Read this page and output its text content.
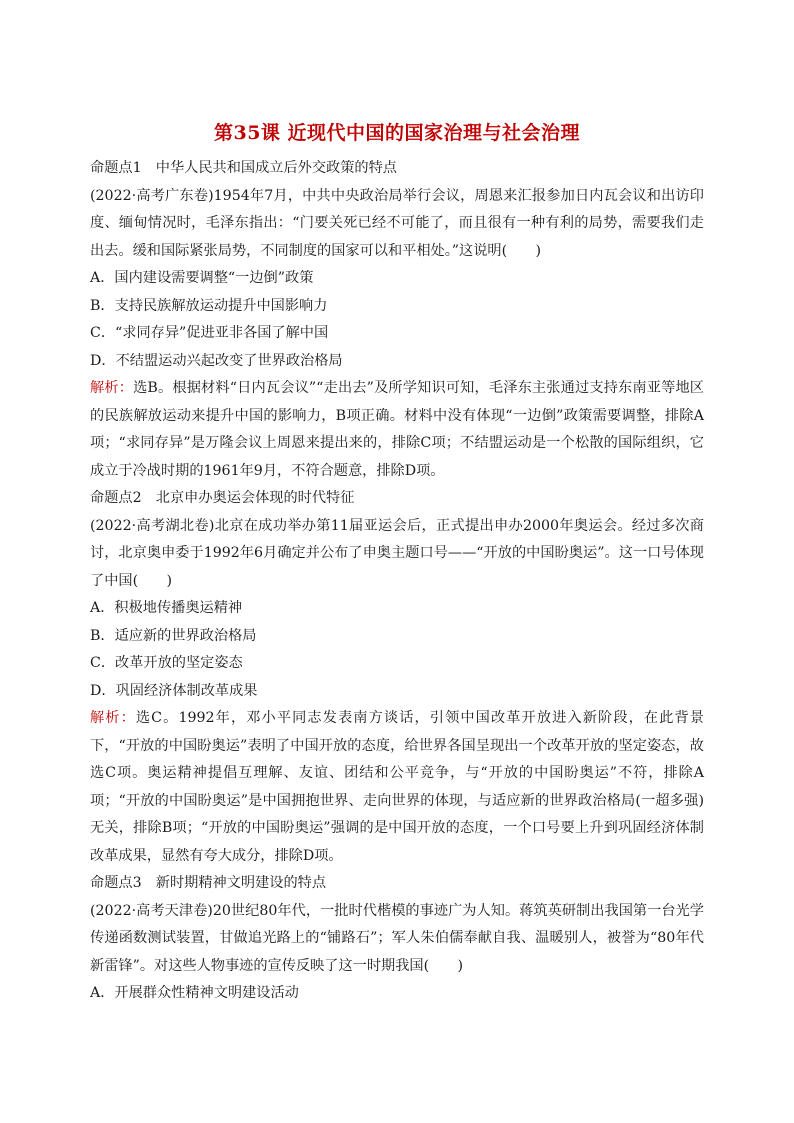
第35课 近现代中国的国家治理与社会治理

命题点1　中华人民共和国成立后外交政策的特点

(2022·高考广东卷)1954年7月，中共中央政治局举行会议，周恩来汇报参加日内瓦会议和出访印度、缅甸情况时，毛泽东指出：“门要关死已经不可能了，而且很有一种有利的局势，需要我们走出去。缓和国际紧张局势，不同制度的国家可以和平相处。”这说明(　　)

A．国内建设需要调整“一边倒”政策

B．支持民族解放运动提升中国影响力

C．“求同存异”促进亚非各国了解中国

D．不结盟运动兴起改变了世界政治格局

解析：选B。根据材料“日内瓦会议”“走出去”及所学知识可知，毛泽东主张通过支持东南亚等地区的民族解放运动来提升中国的影响力，B项正确。材料中没有体现“一边倒”政策需要调整，排除A项；“求同存异”是万隆会议上周恩来提出来的，排除C项；不结盟运动是一个松散的国际组织，它成立于冷战时期的1961年9月，不符合题意，排除D项。

命题点2　北京申办奥运会体现的时代特征

(2022·高考湖北卷)北京在成功举办第11届亚运会后，正式提出申办2000年奥运会。经过多次商讨，北京奥申委于1992年6月确定并公布了申奥主题口号——“开放的中国盼奥运”。这一口号体现了中国(　　)

A．积极地传播奥运精神

B．适应新的世界政治格局

C．改革开放的坚定姿态

D．巩固经济体制改革成果

解析：选C。1992年，邓小平同志发表南方谈话，引领中国改革开放进入新阶段，在此背景下，“开放的中国盼奥运”表明了中国开放的态度，给世界各国呈现出一个改革开放的坚定姿态，故选C项。奥运精神提倡互理解、友谊、团结和公平竞争，与“开放的中国盼奥运”不符，排除A项；“开放的中国盼奥运”是中国拥抱世界、走向世界的体现，与适应新的世界政治格局(一超多强)无关，排除B项；“开放的中国盼奥运”强调的是中国开放的态度，一个口号要上升到巩固经济体制改革成果，显然有夸大成分，排除D项。

命题点3　新时期精神文明建设的特点

(2022·高考天津卷)20世纪80年代，一批时代楷模的事迹广为人知。蒋筑英研制出我国第一台光学传递函数测试装置，甘做追光路上的“铺路石”；军人朱伯儒奉献自我、温暖别人，被誉为“80年代新雷锋”。对这些人物事迹的宣传反映了这一时期我国(　　)

A．开展群众性精神文明建设活动
